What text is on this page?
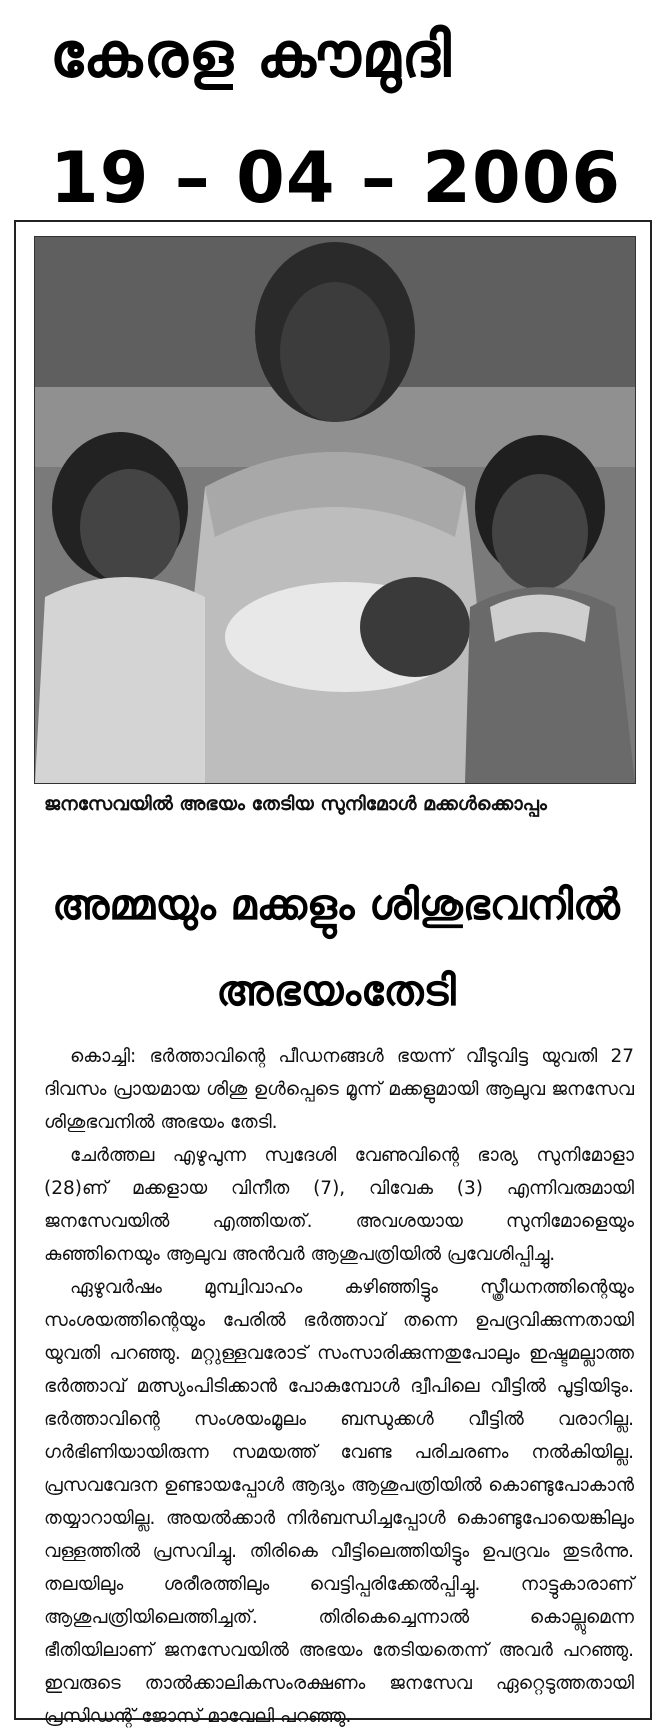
കേരള കൗമുദി
19 – 04 – 2006
ജനസേവയിൽ അഭയം തേടിയ സുനിമോൾ മക്കൾക്കൊപ്പം
അമ്മയും മക്കളും ശിശുഭവനിൽ അഭയംതേടി

കൊച്ചി: ഭർത്താവിന്റെ പീഡനങ്ങൾ ഭയന്ന് വീടുവിട്ട യുവതി 27 ദിവസം പ്രായമായ ശിശു ഉൾപ്പെടെ മൂന്ന് മക്കളുമായി ആലുവ ജനസേവ ശിശുഭവനിൽ അഭയം തേടി.

ചേർത്തല എഴുപുന്ന സ്വദേശി വേണുവിന്റെ ഭാര്യ സുനിമോളാ (28)ണ് മക്കളായ വിനീത (7), വിവേക (3) എന്നിവരുമായി ജനസേവയിൽ എത്തിയത്. അവശയായ സുനിമോളെയും കുഞ്ഞിനെയും ആലുവ അൻവർ ആശുപത്രിയിൽ പ്രവേശിപ്പിച്ചു.

ഏഴുവർഷം മുമ്പ്വിവാഹം കഴിഞ്ഞിട്ടും സ്ത്രീധനത്തിന്റെയും സംശയത്തിന്റെയും പേരിൽ ഭർത്താവ് തന്നെ ഉപദ്രവിക്കുന്നതായി യുവതി പറഞ്ഞു. മറ്റുള്ളവരോട് സംസാരിക്കുന്നതുപോലും ഇഷ്ടമല്ലാത്ത ഭർത്താവ് മത്സ്യംപിടിക്കാൻ പോകുമ്പോൾ ദ്വീപിലെ വീട്ടിൽ പൂട്ടിയിടും. ഭർത്താവിന്റെ സംശയംമൂലം ബന്ധുക്കൾ വീട്ടിൽ വരാറില്ല. ഗർഭിണിയായിരുന്ന സമയത്ത് വേണ്ട പരിചരണം നൽകിയില്ല. പ്രസവവേദന ഉണ്ടായപ്പോൾ ആദ്യം ആശുപത്രിയിൽ കൊണ്ടുപോകാൻ തയ്യാറായില്ല. അയൽക്കാർ നിർബന്ധിച്ചപ്പോൾ കൊണ്ടുപോയെങ്കിലും വള്ളത്തിൽ പ്രസവിച്ചു. തിരികെ വീട്ടിലെത്തിയിട്ടും ഉപദ്രവം തുടർന്നു. തലയിലും ശരീരത്തിലും വെട്ടിപ്പരിക്കേൽപ്പിച്ചു. നാട്ടുകാരാണ് ആശുപത്രിയിലെത്തിച്ചത്. തിരികെച്ചെന്നാൽ കൊല്ലുമെന്ന ഭീതിയിലാണ് ജനസേവയിൽ അഭയം തേടിയതെന്ന് അവർ പറഞ്ഞു. ഇവരുടെ താൽക്കാലികസംരക്ഷണം ജനസേവ ഏറ്റെടുത്തതായി പ്രസിഡന്റ് ജോസ് മാവേലി പറഞ്ഞു.
